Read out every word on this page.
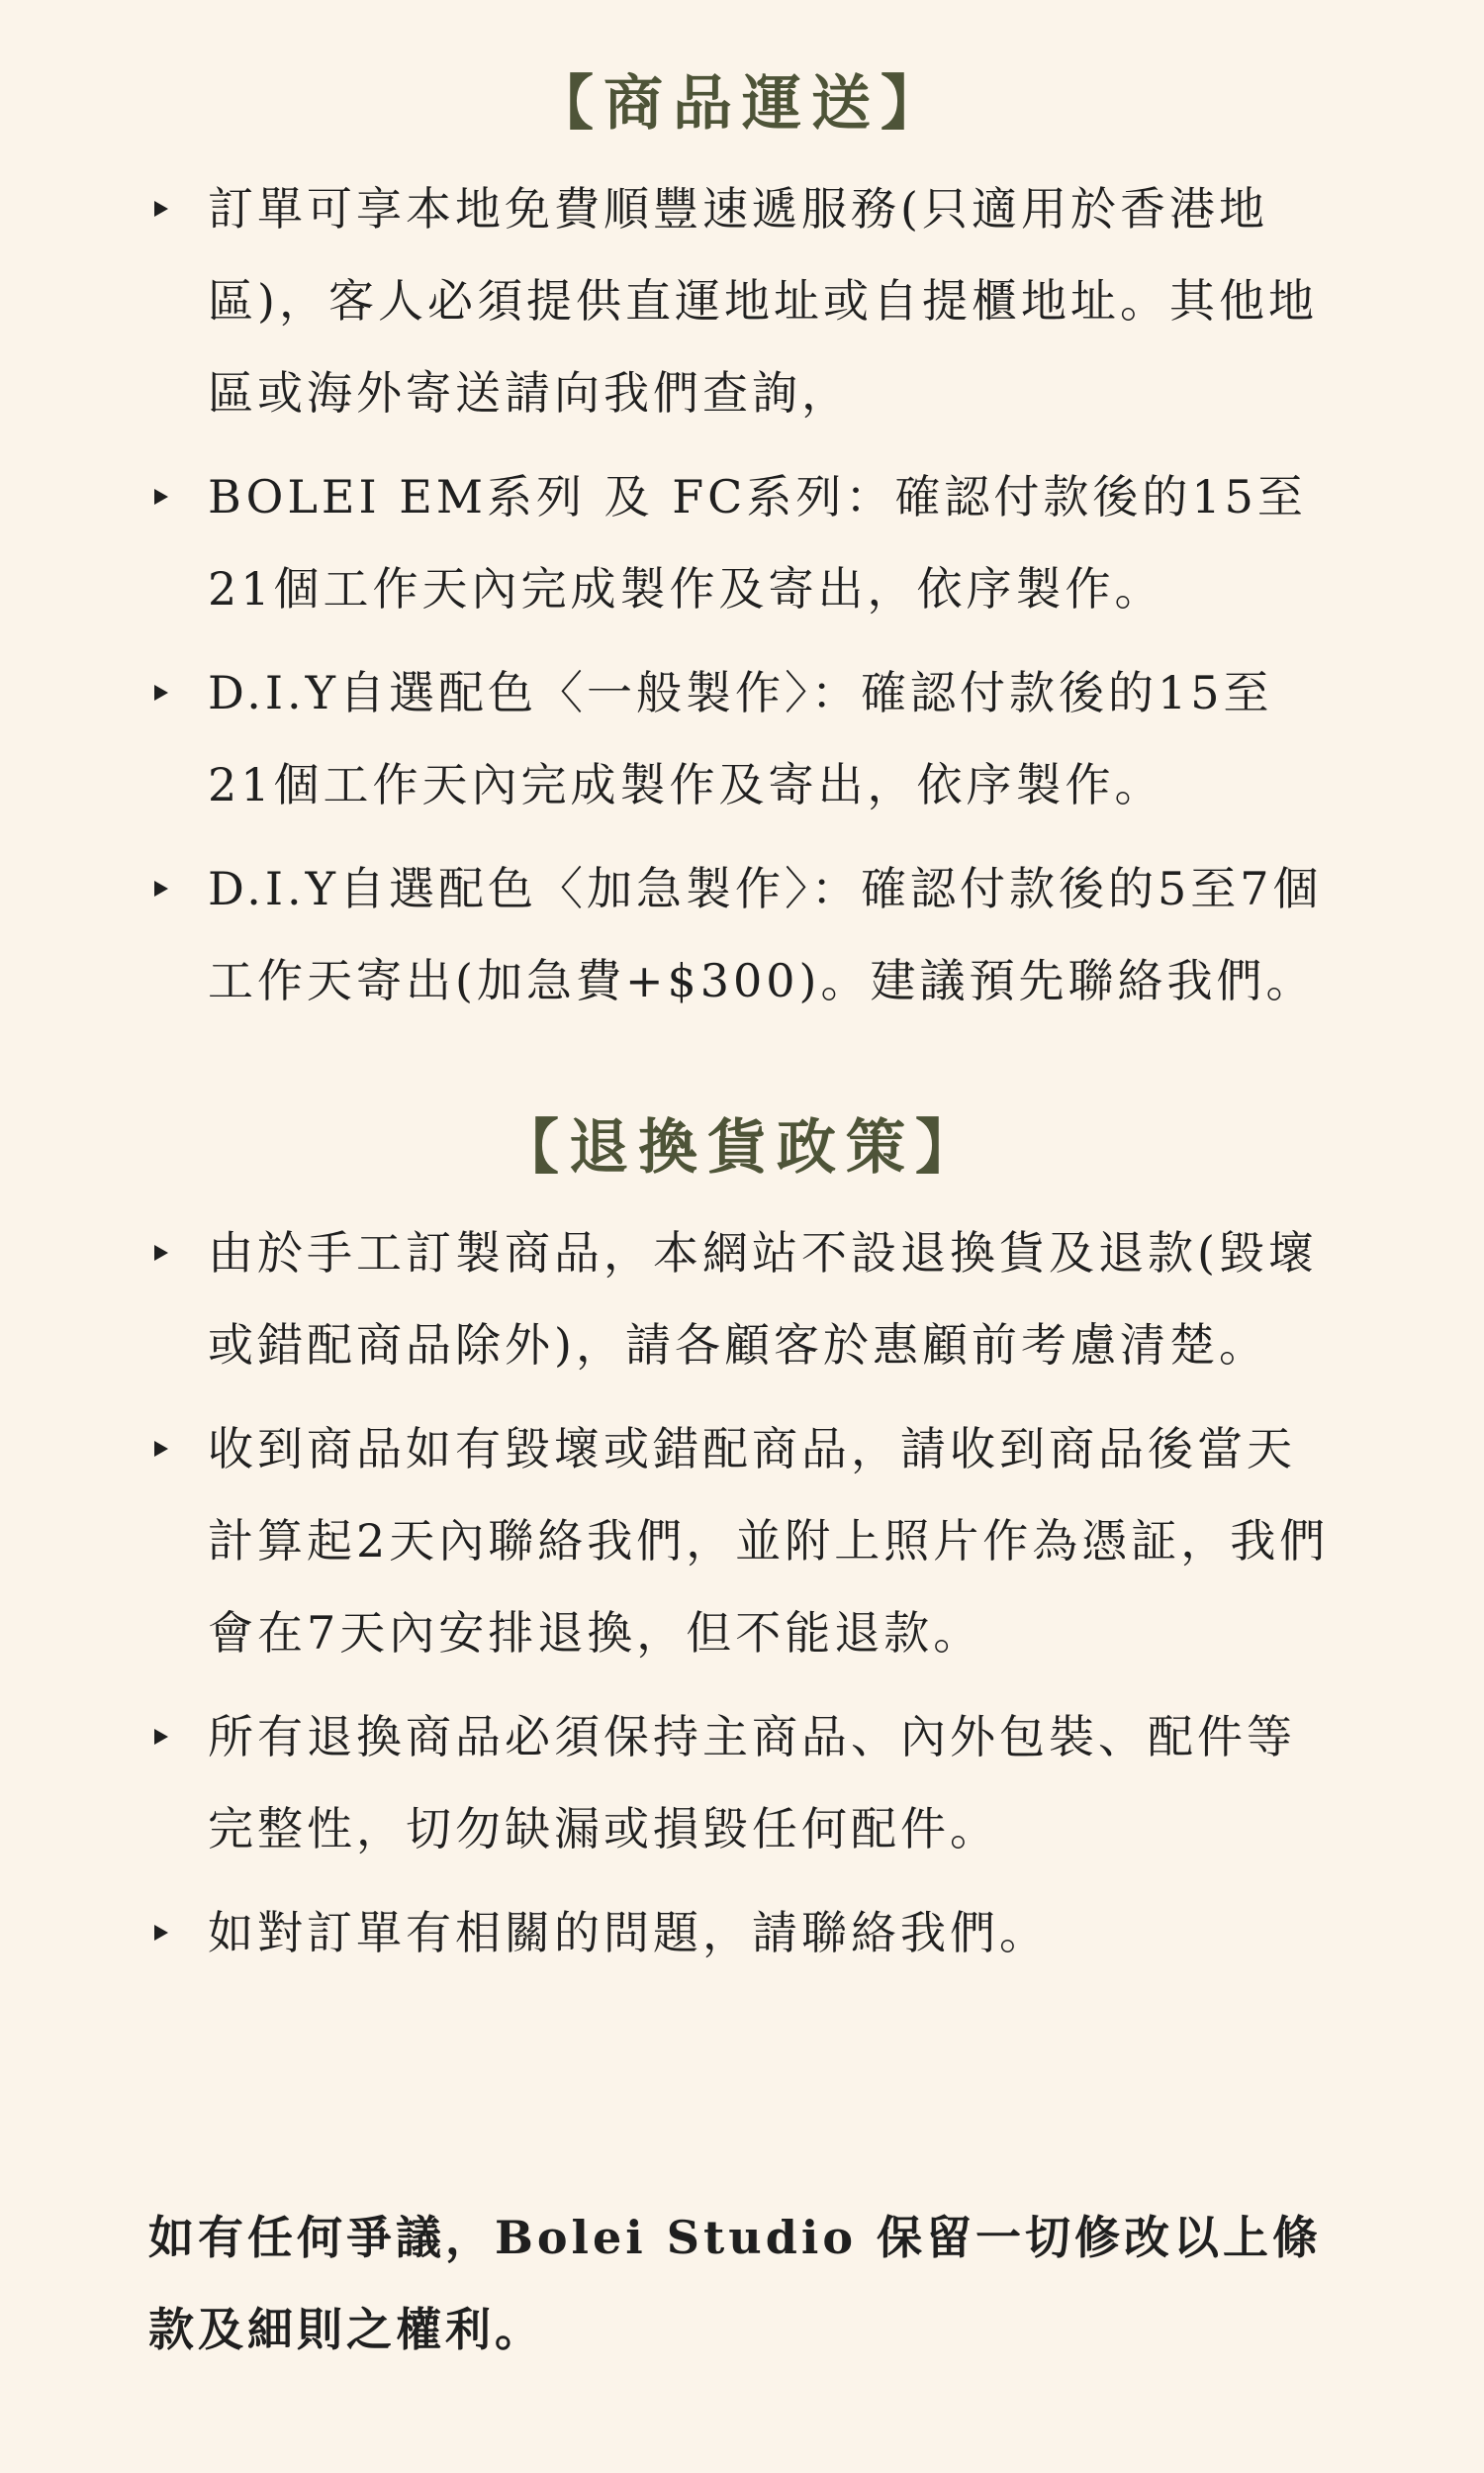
【商品運送】
訂單可享本地免費順豐速遞服務(只適用於香港地區)，客人必須提供直運地址或自提櫃地址。其他地區或海外寄送請向我們查詢，
BOLEI EM系列 及 FC系列：確認付款後的15至21個工作天內完成製作及寄出，依序製作。
D.I.Y自選配色〈一般製作〉：確認付款後的15至21個工作天內完成製作及寄出，依序製作。
D.I.Y自選配色〈加急製作〉：確認付款後的5至7個工作天寄出(加急費+$300)。建議預先聯絡我們。
【退換貨政策】
由於手工訂製商品，本網站不設退換貨及退款(毀壞或錯配商品除外)，請各顧客於惠顧前考慮清楚。
收到商品如有毀壞或錯配商品，請收到商品後當天計算起2天內聯絡我們，並附上照片作為憑証，我們會在7天內安排退換，但不能退款。
所有退換商品必須保持主商品、內外包裝、配件等完整性，切勿缺漏或損毀任何配件。
如對訂單有相關的問題，請聯絡我們。

如有任何爭議，Bolei Studio 保留一切修改以上條款及細則之權利。
